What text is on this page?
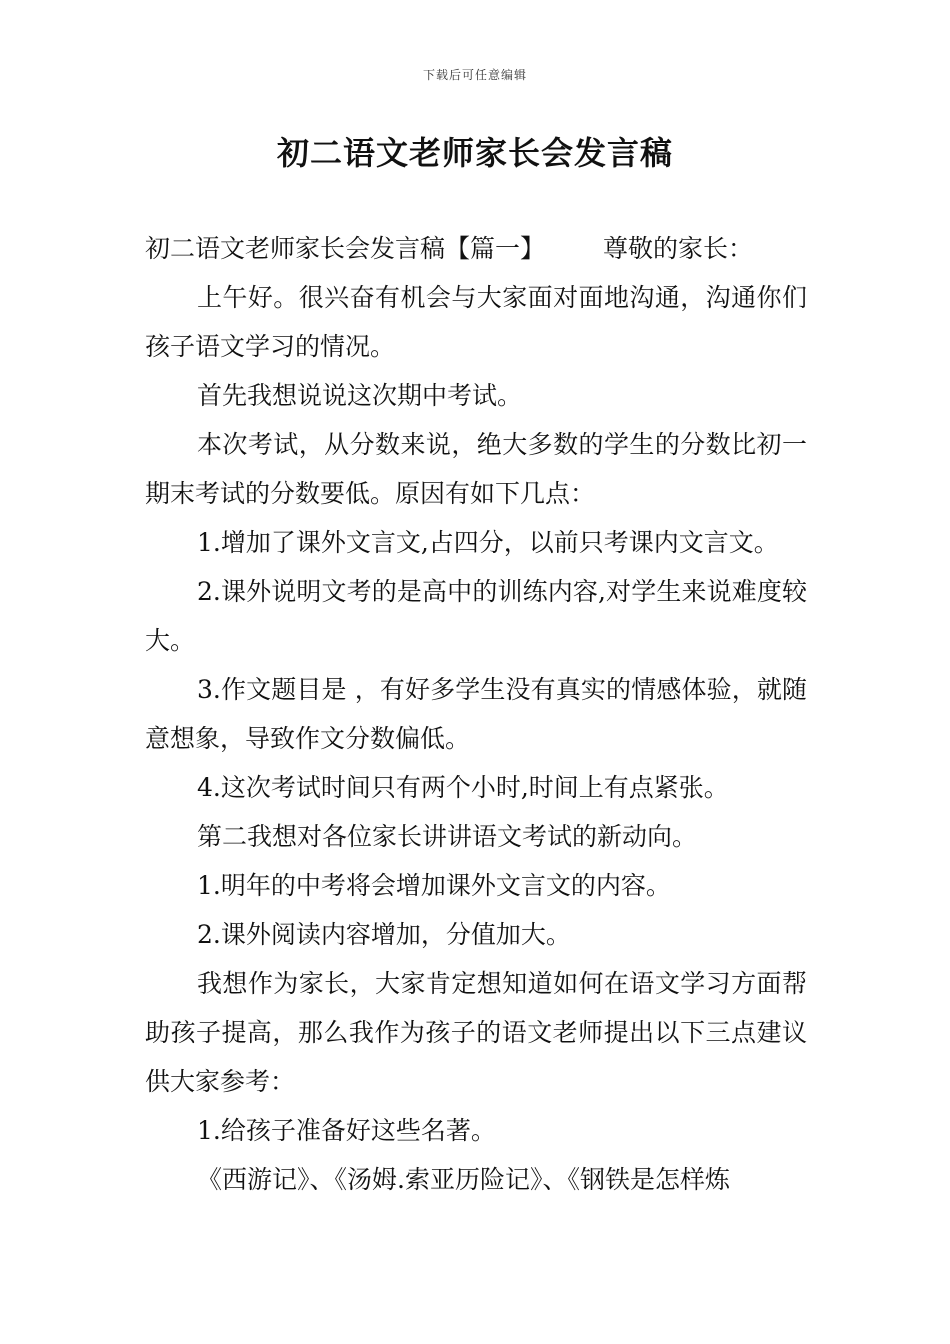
下载后可任意编辑
初二语文老师家长会发言稿

初二语文老师家长会发言稿【篇一】 尊敬的家长：

上午好。很兴奋有机会与大家面对面地沟通，沟通你们孩子语文学习的情况。

首先我想说说这次期中考试。

本次考试，从分数来说，绝大多数的学生的分数比初一期末考试的分数要低。原因有如下几点：

1.增加了课外文言文,占四分，以前只考课内文言文。

2.课外说明文考的是高中的训练内容,对学生来说难度较大。

3.作文题目是 ，有好多学生没有真实的情感体验，就随意想象，导致作文分数偏低。

4.这次考试时间只有两个小时,时间上有点紧张。

第二我想对各位家长讲讲语文考试的新动向。

1.明年的中考将会增加课外文言文的内容。

2.课外阅读内容增加，分值加大。

我想作为家长，大家肯定想知道如何在语文学习方面帮助孩子提高，那么我作为孩子的语文老师提出以下三点建议供大家参考：

1.给孩子准备好这些名著。

《西游记》、《汤姆.索亚历险记》、《钢铁是怎样炼
